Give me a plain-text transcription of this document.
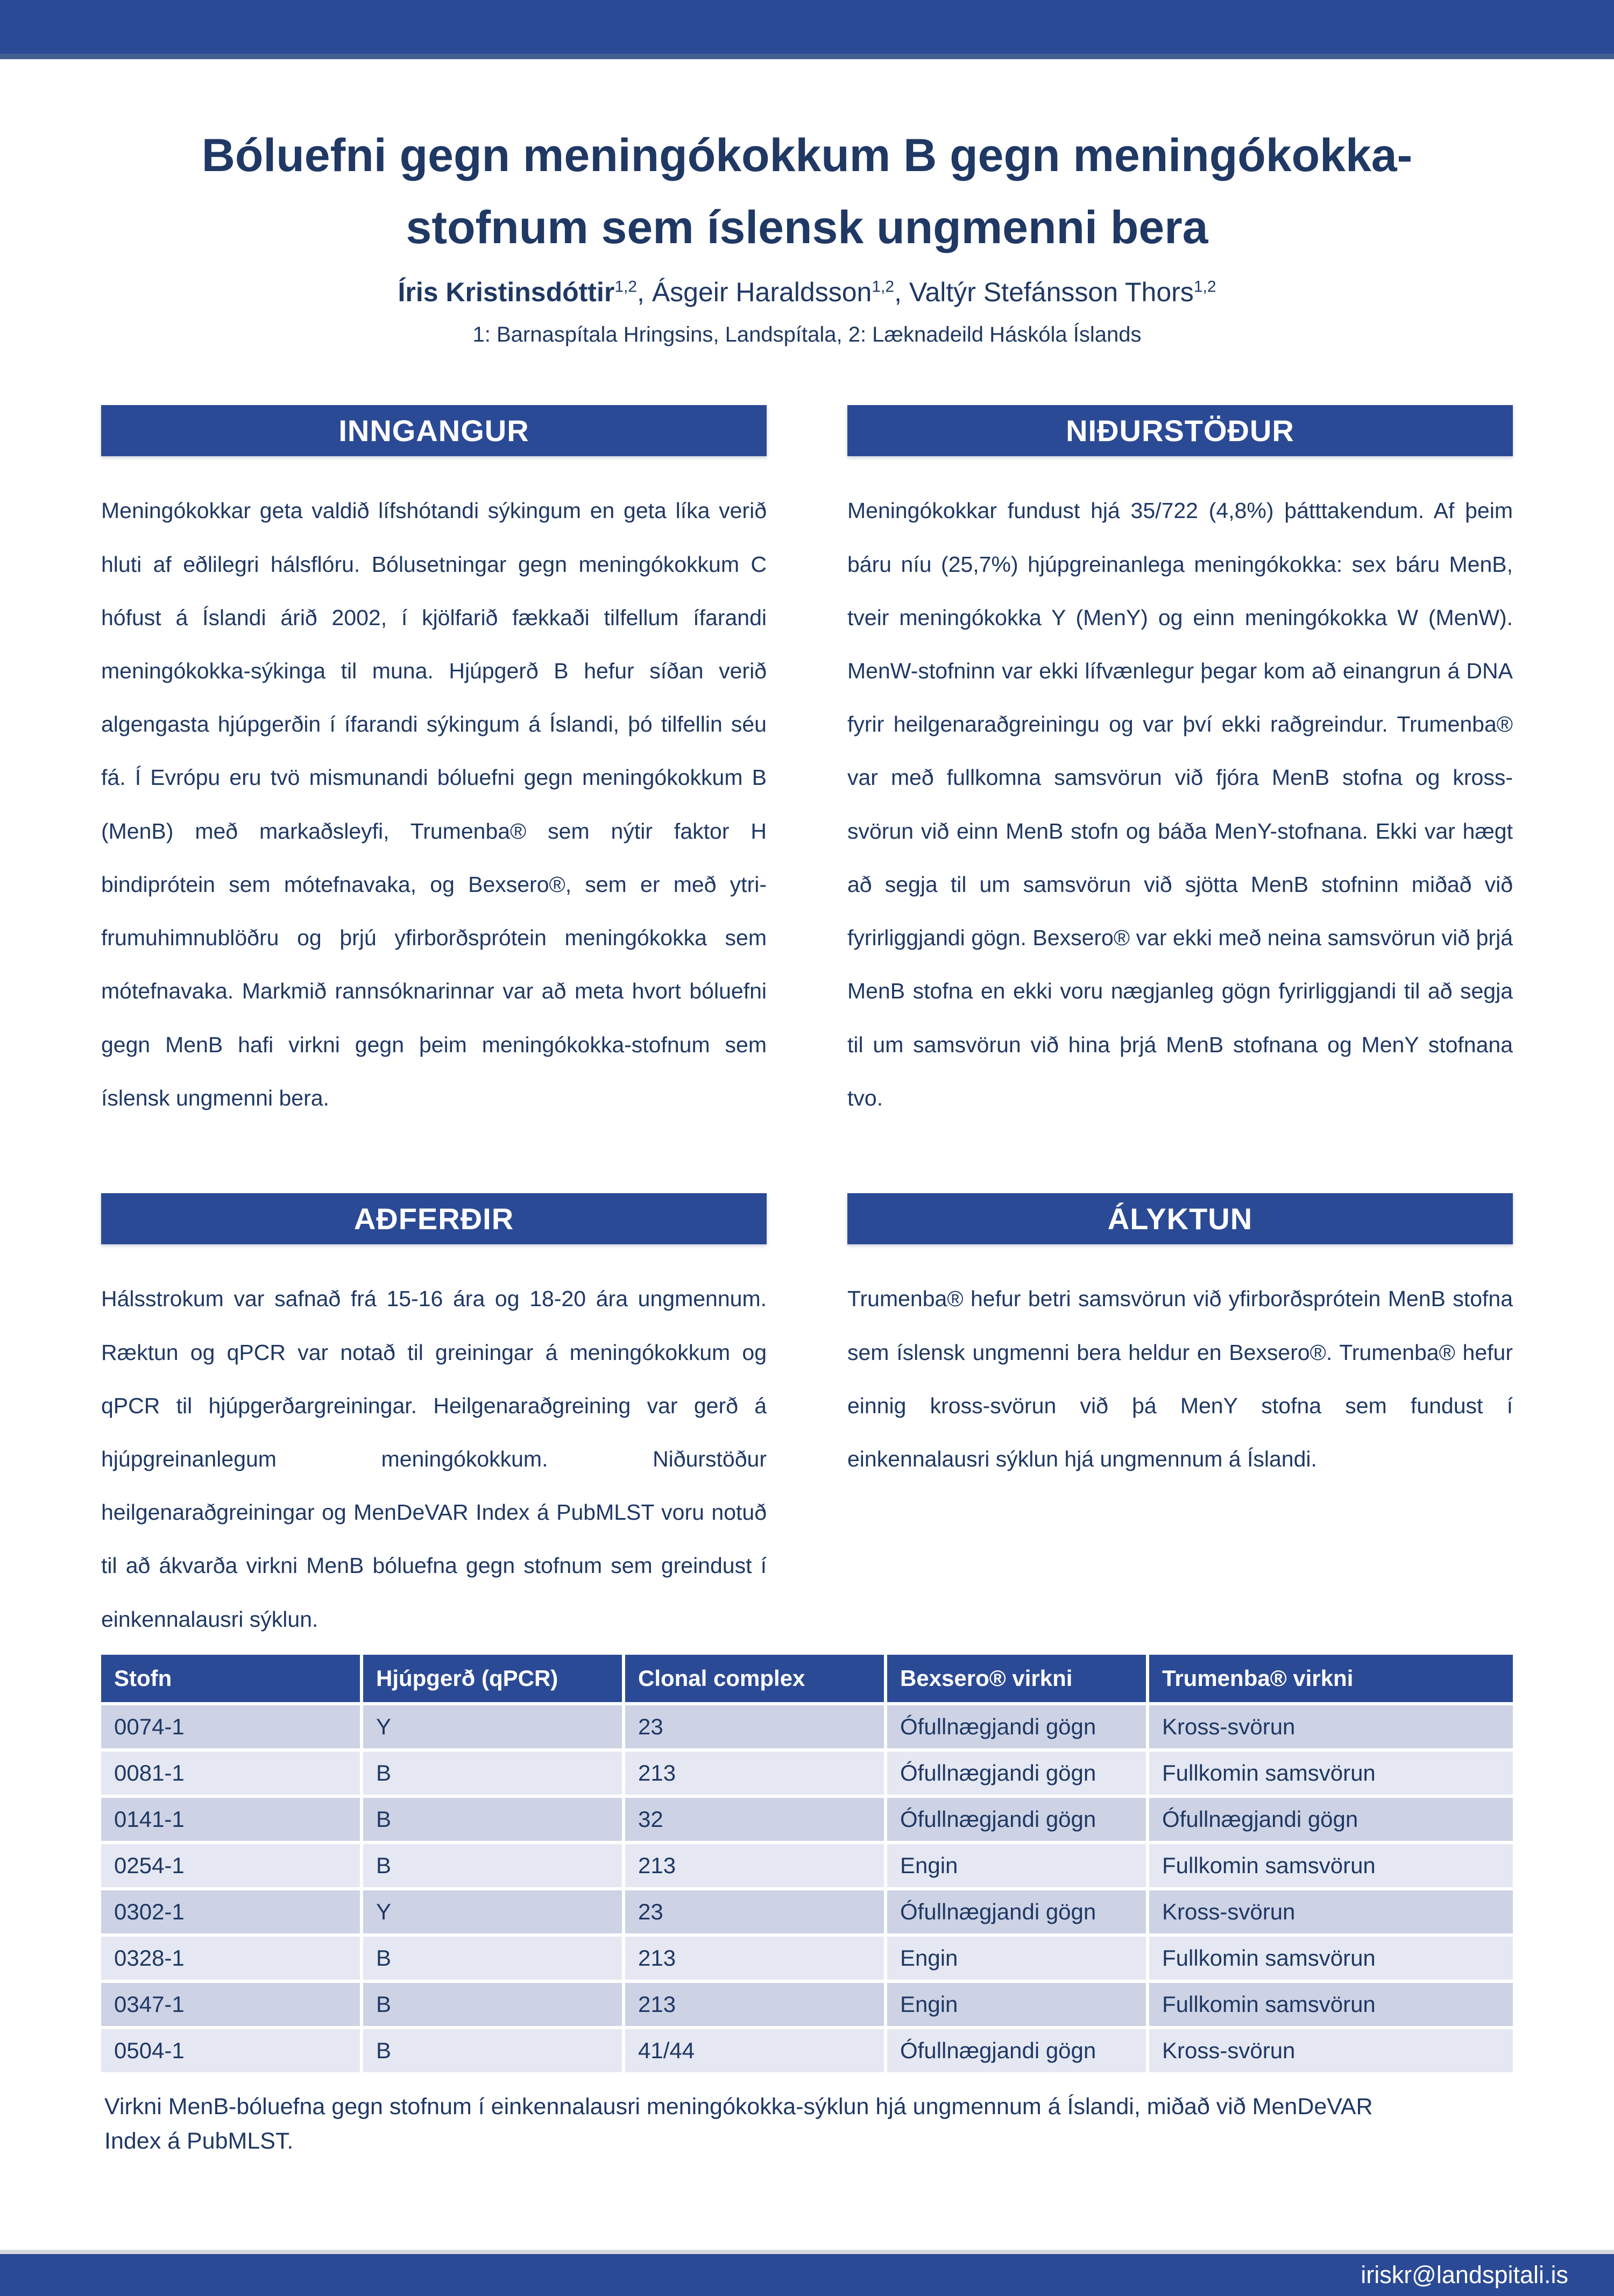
Bóluefni gegn meningókokkum B gegn meningókokka-
stofnum sem íslensk ungmenni bera
Íris Kristinsdóttir$^{1,2}$, Ásgeir Haraldsson$^{1,2}$, Valtýr Stefánsson Thors$^{1,2}$
1: Barnaspítala Hringsins, Landspítala, 2: Læknadeild Háskóla Íslands
INNGANGUR

Meningókokkar geta valdið lífshótandi sýkingum en geta líka verið hluti af eðlilegri hálsflóru. Bólusetningar gegn meningókokkum C hófust á Íslandi árið 2002, í kjölfarið fækkaði tilfellum ífarandi meningókokka-sýkinga til muna. Hjúpgerð B hefur síðan verið algengasta hjúpgerðin í ífarandi sýkingum á Íslandi, þó tilfellin séu fá. Í Evrópu eru tvö mismunandi bóluefni gegn meningókokkum B (MenB) með markaðsleyfi, Trumenba® sem nýtir faktor H bindiprótein sem mótefnavaka, og Bexsero®, sem er með ytri-frumuhimnublöðru og þrjú yfirborðsprótein meningókokka sem mótefnavaka. Markmið rannsóknarinnar var að meta hvort bóluefni gegn MenB hafi virkni gegn þeim meningókokka-stofnum sem íslensk ungmenni bera.

NIÐURSTÖÐUR

Meningókokkar fundust hjá 35/722 (4,8%) þátttakendum. Af þeim báru níu (25,7%) hjúpgreinanlega meningókokka: sex báru MenB, tveir meningókokka Y (MenY) og einn meningókokka W (MenW). MenW-stofninn var ekki lífvænlegur þegar kom að einangrun á DNA fyrir heilgenaraðgreiningu og var því ekki raðgreindur. Trumenba® var með fullkomna samsvörun við fjóra MenB stofna og kross-svörun við einn MenB stofn og báða MenY-stofnana. Ekki var hægt að segja til um samsvörun við sjötta MenB stofninn miðað við fyrirliggjandi gögn. Bexsero® var ekki með neina samsvörun við þrjá MenB stofna en ekki voru nægjanleg gögn fyrirliggjandi til að segja til um samsvörun við hina þrjá MenB stofnana og MenY stofnana tvo.

AÐFERÐIR

Hálsstrokum var safnað frá 15-16 ára og 18-20 ára ungmennum. Ræktun og qPCR var notað til greiningar á meningókokkum og qPCR til hjúpgerðargreiningar. Heilgenaraðgreining var gerð á hjúpgreinanlegum meningókokkum. Niðurstöður heilgenaraðgreiningar og MenDeVAR Index á PubMLST voru notuð til að ákvarða virkni MenB bóluefna gegn stofnum sem greindust í einkennalausri sýklun.

ÁLYKTUN

Trumenba® hefur betri samsvörun við yfirborðsprótein MenB stofna sem íslensk ungmenni bera heldur en Bexsero®. Trumenba® hefur einnig kross-svörun við þá MenY stofna sem fundust í einkennalausri sýklun hjá ungmennum á Íslandi.

Stofn	Hjúpgerð (qPCR)	Clonal complex	Bexsero® virkni	Trumenba® virkni
0074-1	Y	23	Ófullnægjandi gögn	Kross-svörun
0081-1	B	213	Ófullnægjandi gögn	Fullkomin samsvörun
0141-1	B	32	Ófullnægjandi gögn	Ófullnægjandi gögn
0254-1	B	213	Engin	Fullkomin samsvörun
0302-1	Y	23	Ófullnægjandi gögn	Kross-svörun
0328-1	B	213	Engin	Fullkomin samsvörun
0347-1	B	213	Engin	Fullkomin samsvörun
0504-1	B	41/44	Ófullnægjandi gögn	Kross-svörun

Virkni MenB-bóluefna gegn stofnum í einkennalausri meningókokka-sýklun hjá ungmennum á Íslandi, miðað við MenDeVAR Index á PubMLST.

iriskr@landspitali.is
